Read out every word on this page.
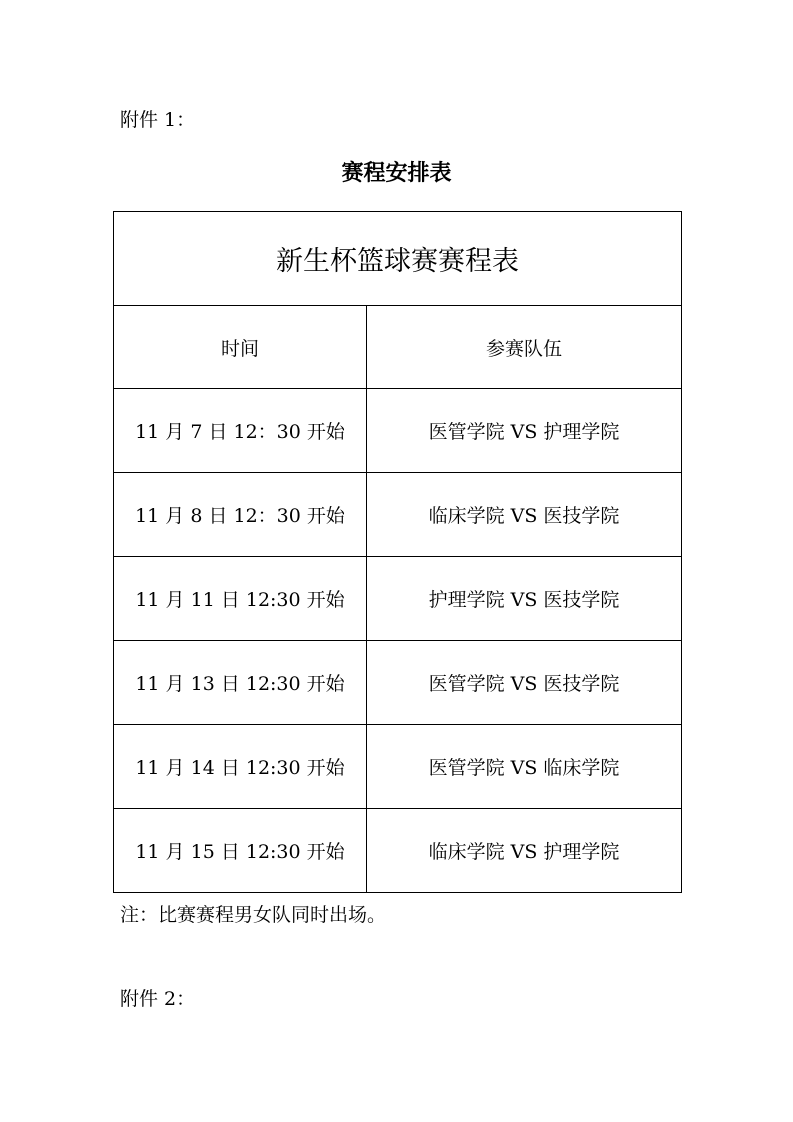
附件 1：
赛程安排表
新生杯篮球赛赛程表	
时间	参赛队伍
11 月 7 日 12：30 开始	医管学院 VS 护理学院
11 月 8 日 12：30 开始	临床学院 VS 医技学院
11 月 11 日 12:30 开始	护理学院 VS 医技学院
11 月 13 日 12:30 开始	医管学院 VS 医技学院
11 月 14 日 12:30 开始	医管学院 VS 临床学院
11 月 15 日 12:30 开始	临床学院 VS 护理学院
注：比赛赛程男女队同时出场。
附件 2：
